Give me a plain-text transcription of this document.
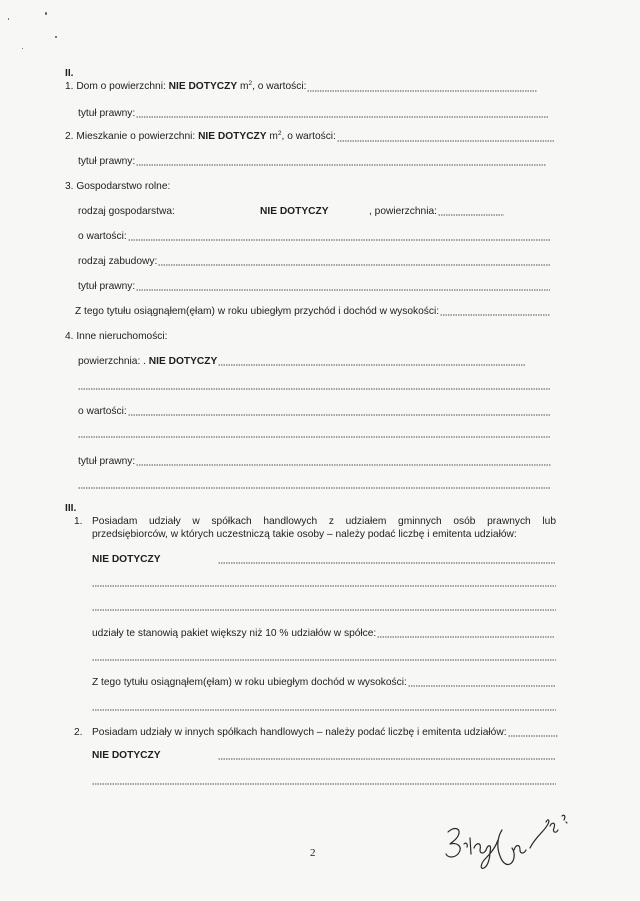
II.
1. Dom o powierzchni:
NIE DOTYCZY
m 2 , o wartości:
tytuł prawny:
2. Mieszkanie o powierzchni:
NIE DOTYCZY
m 2 , o wartości:
tytuł prawny:
3. Gospodarstwo rolne:
rodzaj gospodarstwa:	NIE DOTYCZY	, powierzchnia:
o wartości:
rodzaj zabudowy:
tytuł prawny:
Z tego tytułu osiągnąłem(ęłam) w roku ubiegłym przychód i dochód w wysokości:
4. Inne nieruchomości:
powierzchnia: .
NIE DOTYCZY
o wartości:
tytuł prawny:
III.
1. Posiadam udziały w spółkach handlowych z udziałem gminnych osób prawnych lub
przedsiębiorców, w których uczestniczą takie osoby – należy podać liczbę i emitenta udziałów:
NIE DOTYCZY
udziały te stanowią pakiet większy niż 10 % udziałów w spółce:
Z tego tytułu osiągnąłem(ęłam) w roku ubiegłym dochód w wysokości:
2. Posiadam udziały w innych spółkach handlowych – należy podać liczbę i emitenta udziałów:
NIE DOTYCZY
2
